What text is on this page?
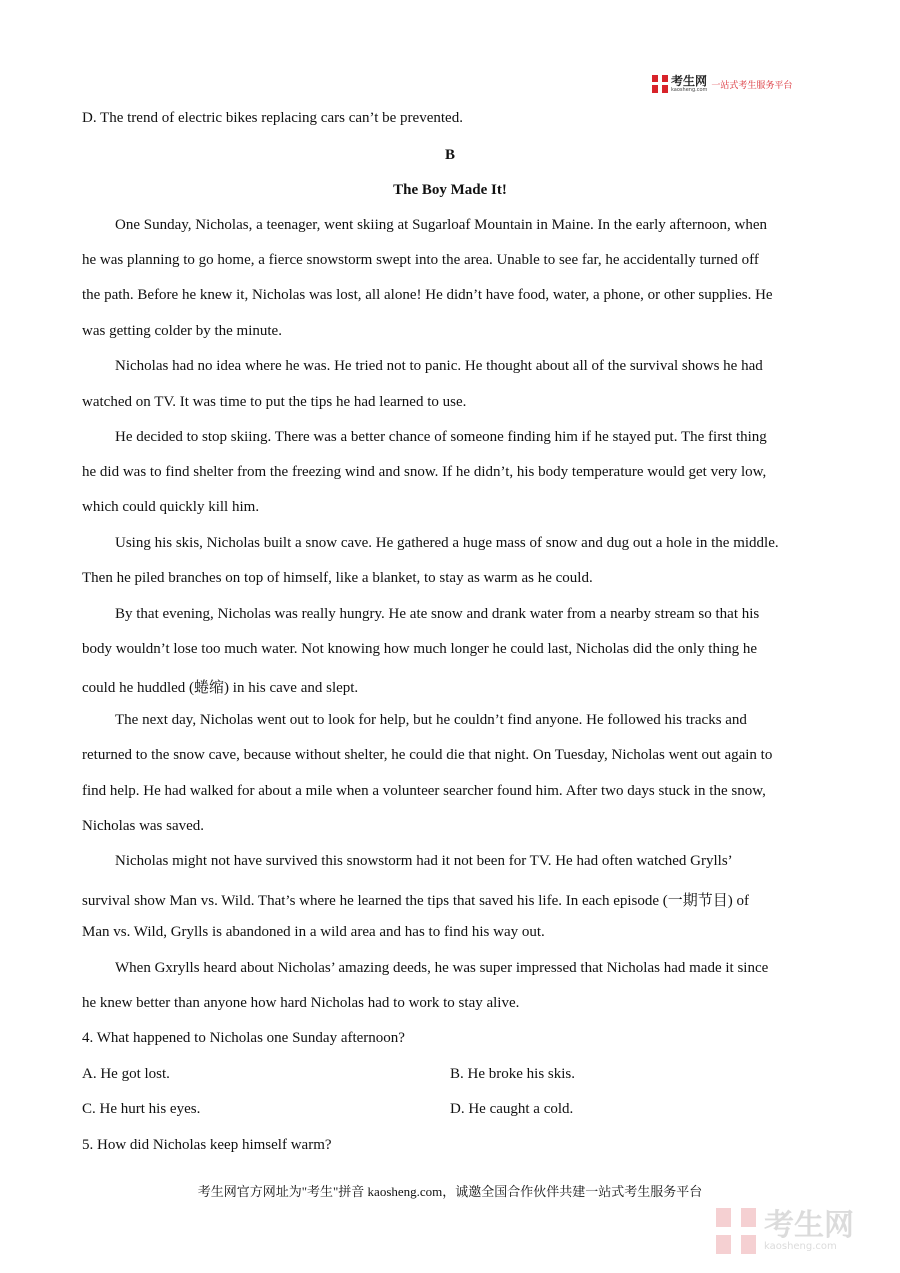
考生网
kaosheng.com 一站式考生服务平台
D. The trend of electric bikes replacing cars can’t be prevented.
B
The Boy Made It!
One Sunday, Nicholas, a teenager, went skiing at Sugarloaf Mountain in Maine. In the early afternoon, when
he was planning to go home, a fierce snowstorm swept into the area. Unable to see far, he accidentally turned off
the path. Before he knew it, Nicholas was lost, all alone! He didn’t have food, water, a phone, or other supplies. He
was getting colder by the minute.
Nicholas had no idea where he was. He tried not to panic. He thought about all of the survival shows he had
watched on TV. It was time to put the tips he had learned to use.
He decided to stop skiing. There was a better chance of someone finding him if he stayed put. The first thing
he did was to find shelter from the freezing wind and snow. If he didn’t, his body temperature would get very low,
which could quickly kill him.
Using his skis, Nicholas built a snow cave. He gathered a huge mass of snow and dug out a hole in the middle.
Then he piled branches on top of himself, like a blanket, to stay as warm as he could.
By that evening, Nicholas was really hungry. He ate snow and drank water from a nearby stream so that his
body wouldn’t lose too much water. Not knowing how much longer he could last, Nicholas did the only thing he
could he huddled (蜷缩) in his cave and slept.
The next day, Nicholas went out to look for help, but he couldn’t find anyone. He followed his tracks and
returned to the snow cave, because without shelter, he could die that night. On Tuesday, Nicholas went out again to
find help. He had walked for about a mile when a volunteer searcher found him. After two days stuck in the snow,
Nicholas was saved.
Nicholas might not have survived this snowstorm had it not been for TV. He had often watched Grylls’
survival show Man vs. Wild. That’s where he learned the tips that saved his life. In each episode (一期节目) of
Man vs. Wild, Grylls is abandoned in a wild area and has to find his way out.
When Gxrylls heard about Nicholas’ amazing deeds, he was super impressed that Nicholas had made it since
he knew better than anyone how hard Nicholas had to work to stay alive.
4. What happened to Nicholas one Sunday afternoon?
A. He got lost.	B. He broke his skis.
C. He hurt his eyes.	D. He caught a cold.
5. How did Nicholas keep himself warm?
考生网官方网址为"考生"拼音 kaosheng.com，诚邀全国合作伙伴共建一站式考生服务平台
考生网
kaosheng.com
